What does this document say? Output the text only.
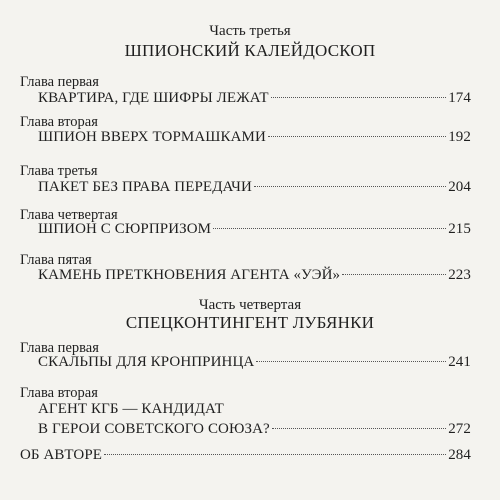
Часть третья
ШПИОНСКИЙ КАЛЕЙДОСКОП
Глава первая
КВАРТИРА, ГДЕ ШИФРЫ ЛЕЖАТ	174
Глава вторая
ШПИОН ВВЕРХ ТОРМАШКАМИ	192
Глава третья
ПАКЕТ БЕЗ ПРАВА ПЕРЕДАЧИ	204
Глава четвертая
ШПИОН С СЮРПРИЗОМ	215
Глава пятая
КАМЕНЬ ПРЕТКНОВЕНИЯ АГЕНТА «УЭЙ»	223
Часть четвертая
СПЕЦКОНТИНГЕНТ ЛУБЯНКИ
Глава первая
СКАЛЬПЫ ДЛЯ КРОНПРИНЦА	241
Глава вторая
АГЕНТ КГБ — КАНДИДАТ
В ГЕРОИ СОВЕТСКОГО СОЮЗА?	272
ОБ АВТОРЕ	284
